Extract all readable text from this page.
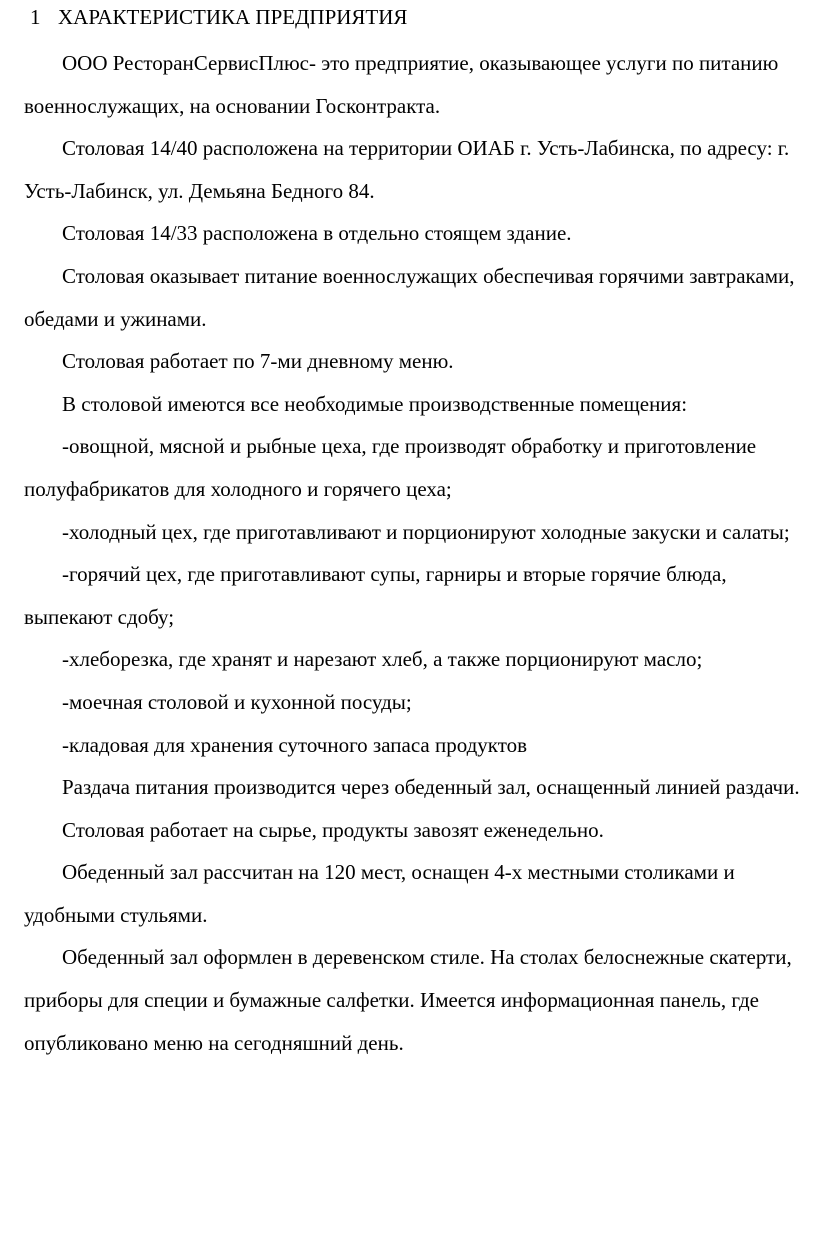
1 ХАРАКТЕРИСТИКА ПРЕДПРИЯТИЯ

ООО РесторанСервисПлюс- это предприятие, оказывающее услуги по питанию военнослужащих, на основании Госконтракта.

Столовая 14/40 расположена на территории ОИАБ г. Усть-Лабинска, по адресу: г. Усть-Лабинск, ул. Демьяна Бедного 84.

Столовая 14/33 расположена в отдельно стоящем здание.

Столовая оказывает питание военнослужащих обеспечивая горячими завтраками, обедами и ужинами.

Столовая работает по 7-ми дневному меню.

В столовой имеются все необходимые производственные помещения:

-овощной, мясной и рыбные цеха, где производят обработку и приготовление полуфабрикатов для холодного и горячего цеха;

-холодный цех, где приготавливают и порционируют холодные закуски и салаты;

-горячий цех, где приготавливают супы, гарниры и вторые горячие блюда, выпекают сдобу;

-хлеборезка, где хранят и нарезают хлеб, а также порционируют масло;

-моечная столовой и кухонной посуды;

-кладовая для хранения суточного запаса продуктов

Раздача питания производится через обеденный зал, оснащенный линией раздачи.

Столовая работает на сырье, продукты завозят еженедельно.

Обеденный зал рассчитан на 120 мест, оснащен 4-х местными столиками и удобными стульями.

Обеденный зал оформлен в деревенском стиле. На столах белоснежные скатерти, приборы для специи и бумажные салфетки. Имеется информационная панель, где опубликовано меню на сегодняшний день.
